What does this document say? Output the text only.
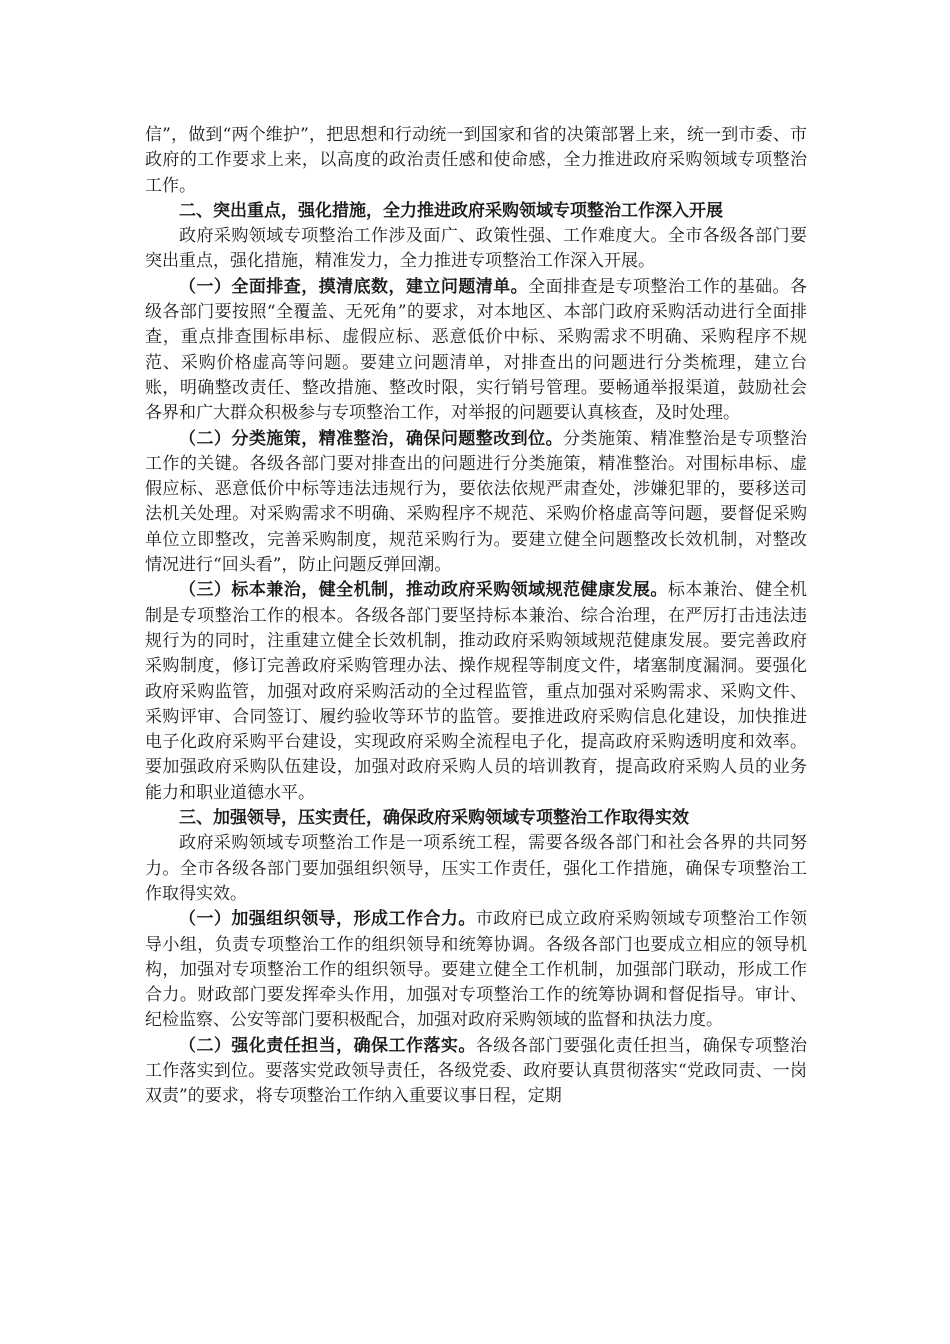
信”，做到“两个维护”，把思想和行动统一到国家和省的决策部署上来，统一到市委、市政府的工作要求上来，以高度的政治责任感和使命感，全力推进政府采购领域专项整治工作。

二、突出重点，强化措施，全力推进政府采购领域专项整治工作深入开展

政府采购领域专项整治工作涉及面广、政策性强、工作难度大。全市各级各部门要突出重点，强化措施，精准发力，全力推进专项整治工作深入开展。

（一）全面排查，摸清底数，建立问题清单。全面排查是专项整治工作的基础。各级各部门要按照“全覆盖、无死角”的要求，对本地区、本部门政府采购活动进行全面排查，重点排查围标串标、虚假应标、恶意低价中标、采购需求不明确、采购程序不规范、采购价格虚高等问题。要建立问题清单，对排查出的问题进行分类梳理，建立台账，明确整改责任、整改措施、整改时限，实行销号管理。要畅通举报渠道，鼓励社会各界和广大群众积极参与专项整治工作，对举报的问题要认真核查，及时处理。

（二）分类施策，精准整治，确保问题整改到位。分类施策、精准整治是专项整治工作的关键。各级各部门要对排查出的问题进行分类施策，精准整治。对围标串标、虚假应标、恶意低价中标等违法违规行为，要依法依规严肃查处，涉嫌犯罪的，要移送司法机关处理。对采购需求不明确、采购程序不规范、采购价格虚高等问题，要督促采购单位立即整改，完善采购制度，规范采购行为。要建立健全问题整改长效机制，对整改情况进行“回头看”，防止问题反弹回潮。

（三）标本兼治，健全机制，推动政府采购领域规范健康发展。标本兼治、健全机制是专项整治工作的根本。各级各部门要坚持标本兼治、综合治理，在严厉打击违法违规行为的同时，注重建立健全长效机制，推动政府采购领域规范健康发展。要完善政府采购制度，修订完善政府采购管理办法、操作规程等制度文件，堵塞制度漏洞。要强化政府采购监管，加强对政府采购活动的全过程监管，重点加强对采购需求、采购文件、采购评审、合同签订、履约验收等环节的监管。要推进政府采购信息化建设，加快推进电子化政府采购平台建设，实现政府采购全流程电子化，提高政府采购透明度和效率。要加强政府采购队伍建设，加强对政府采购人员的培训教育，提高政府采购人员的业务能力和职业道德水平。

三、加强领导，压实责任，确保政府采购领域专项整治工作取得实效

政府采购领域专项整治工作是一项系统工程，需要各级各部门和社会各界的共同努力。全市各级各部门要加强组织领导，压实工作责任，强化工作措施，确保专项整治工作取得实效。

（一）加强组织领导，形成工作合力。市政府已成立政府采购领域专项整治工作领导小组，负责专项整治工作的组织领导和统筹协调。各级各部门也要成立相应的领导机构，加强对专项整治工作的组织领导。要建立健全工作机制，加强部门联动，形成工作合力。财政部门要发挥牵头作用，加强对专项整治工作的统筹协调和督促指导。审计、纪检监察、公安等部门要积极配合，加强对政府采购领域的监督和执法力度。

（二）强化责任担当，确保工作落实。各级各部门要强化责任担当，确保专项整治工作落实到位。要落实党政领导责任，各级党委、政府要认真贯彻落实“党政同责、一岗双责”的要求，将专项整治工作纳入重要议事日程，定期
